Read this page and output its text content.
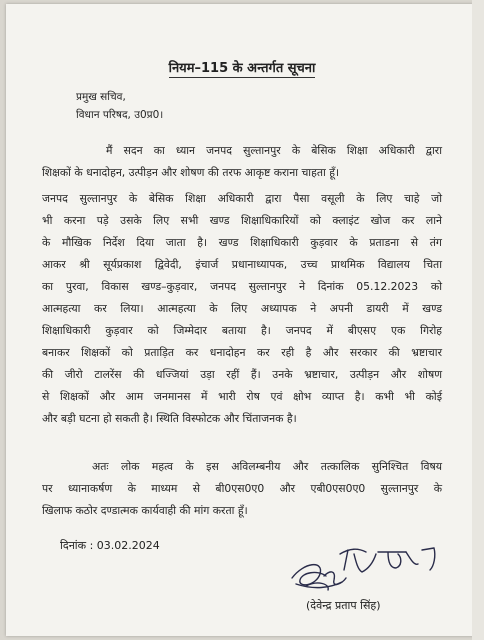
नियम–115 के अन्तर्गत सूचना
प्रमुख सचिव,
विधान परिषद, उ0प्र0।
मैं सदन का ध्यान जनपद सुल्तानपुर के बेसिक शिक्षा अधिकारी द्वारा
शिक्षकों के धनादोहन, उत्पीड़न और शोषण की तरफ आकृष्ट कराना चाहता हूँ।
जनपद सुल्तानपुर के बेसिक शिक्षा अधिकारी द्वारा पैसा वसूली के लिए चाहे जो
भी करना पड़े उसके लिए सभी खण्ड शिक्षाधिकारियों को क्लाइंट खोज कर लाने
के मौखिक निर्देश दिया जाता है। खण्ड शिक्षाधिकारी कुड़वार के प्रताडना से तंग
आकर श्री सूर्यप्रकाश द्विवेदी, इंचार्ज प्रधानाध्यापक, उच्च प्राथमिक विद्यालय चिता
का पुरवा, विकास खण्ड–कुड़वार, जनपद सुल्तानपुर ने दिनांक 05.12.2023 को
आत्महत्या कर लिया। आत्महत्या के लिए अध्यापक ने अपनी डायरी में खण्ड
शिक्षाधिकारी कुड़वार को जिम्मेदार बताया है। जनपद में बीएसए एक गिरोह
बनाकर शिक्षकों को प्रताड़ित कर धनादोहन कर रही है और सरकार की भ्रष्टाचार
की जीरो टालरेंस की धज्जियां उड़ा रहीं हैं। उनके भ्रष्टाचार, उत्पीड़न और शोषण
से शिक्षकों और आम जनमानस में भारी रोष एवं क्षोभ व्याप्त है। कभी भी कोई
और बड़ी घटना हो सकती है। स्थिति विस्फोटक और चिंताजनक है।
अतः लोक महत्व के इस अविलम्बनीय और तत्कालिक सुनिश्चित विषय
पर ध्यानाकर्षण के माध्यम से बी0एस0ए0 और एबी0एस0ए0 सुल्तानपुर के
खिलाफ कठोर दण्डात्मक कार्यवाही की मांग करता हूँ।
दिनांक : 03.02.2024
(देवेन्द्र प्रताप सिंह)
